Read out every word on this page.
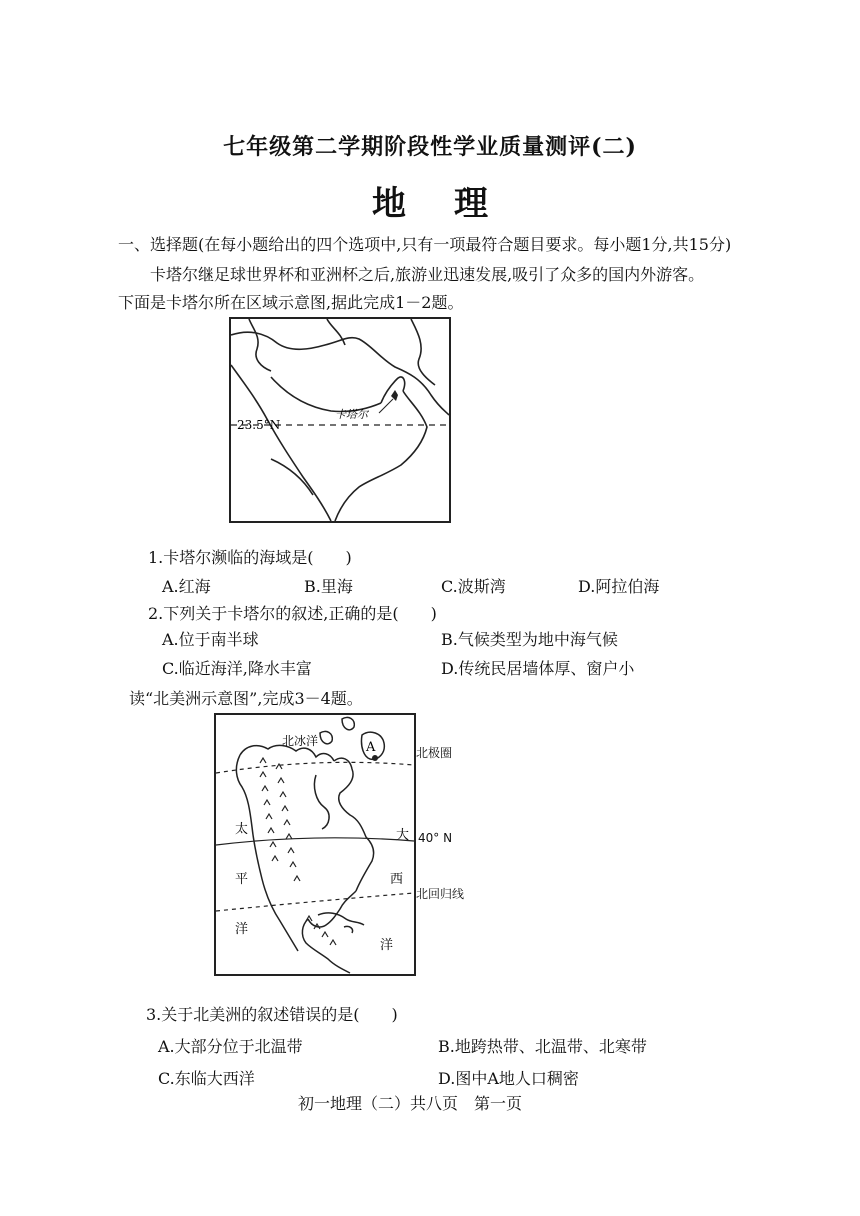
七年级第二学期阶段性学业质量测评(二)
地理
一、选择题(在每小题给出的四个选项中,只有一项最符合题目要求。每小题1分,共15分)
卡塔尔继足球世界杯和亚洲杯之后,旅游业迅速发展,吸引了众多的国内外游客。
下面是卡塔尔所在区域示意图,据此完成1－2题。
23.5°N
卡塔尔
1.卡塔尔濒临的海域是(　　)
A.红海	B.里海	C.波斯湾	D.阿拉伯海
2.下列关于卡塔尔的叙述,正确的是(　　)
A.位于南半球	B.气候类型为地中海气候
C.临近海洋,降水丰富	D.传统民居墙体厚、窗户小
读“北美洲示意图”,完成3－4题。
北冰洋	A
太
平
洋
大
西
洋
北极圈
40° N
北回归线
3.关于北美洲的叙述错误的是(　　)
A.大部分位于北温带	B.地跨热带、北温带、北寒带
C.东临大西洋	D.图中A地人口稠密
初一地理（二）共八页　第一页
